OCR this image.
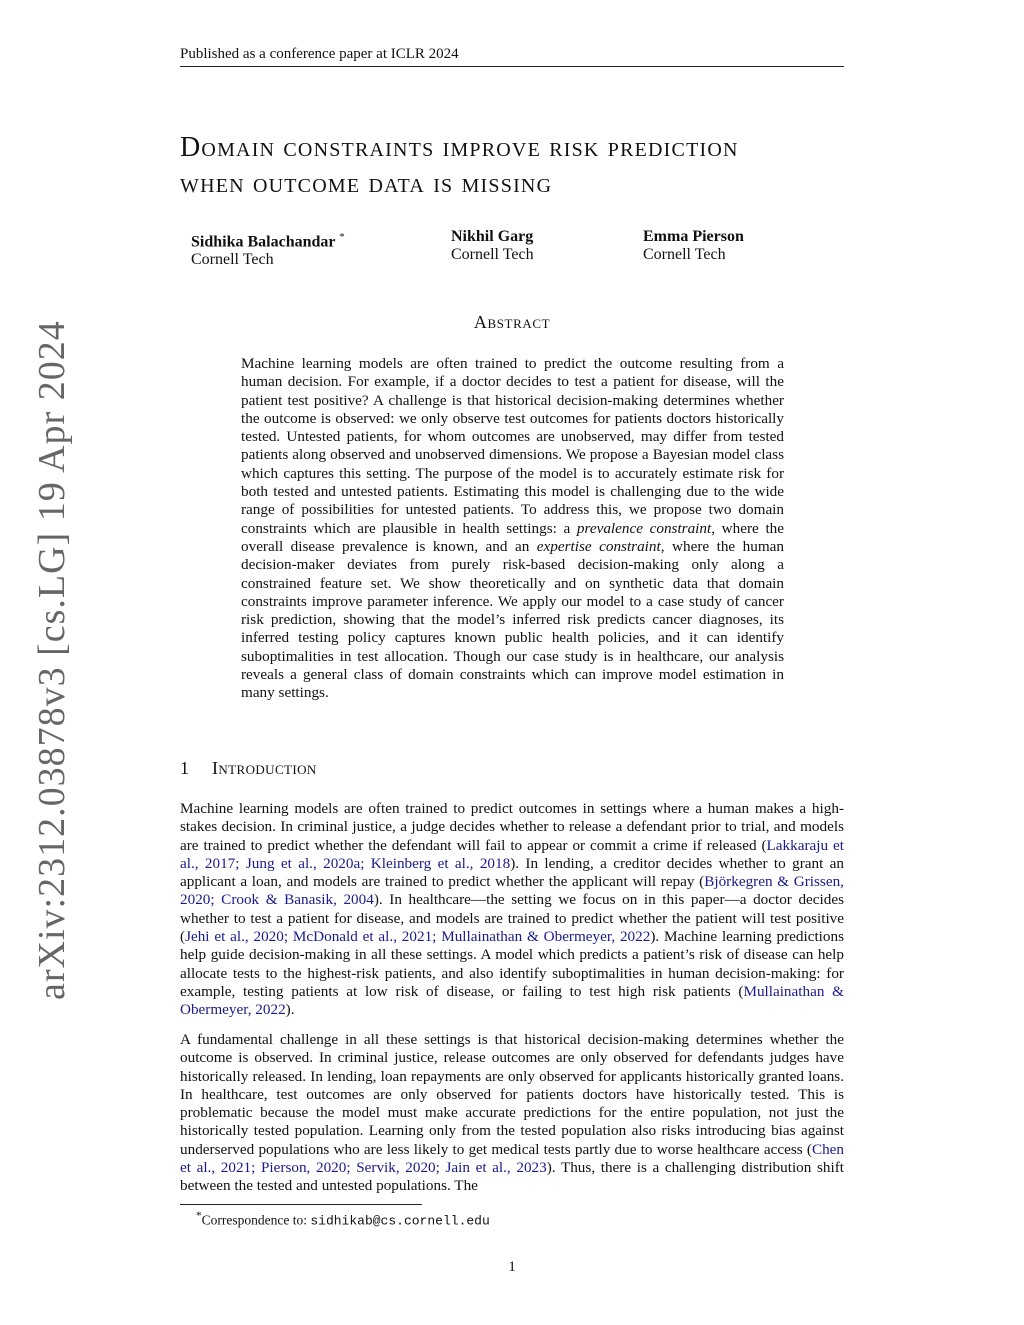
Published as a conference paper at ICLR 2024
arXiv:2312.03878v3 [cs.LG] 19 Apr 2024
Domain constraints improve risk prediction
when outcome data is missing
Sidhika Balachandar *
Cornell Tech
Nikhil Garg
Cornell Tech
Emma Pierson
Cornell Tech
Abstract
Machine learning models are often trained to predict the outcome resulting from a human decision. For example, if a doctor decides to test a patient for disease, will the patient test positive? A challenge is that historical decision-making determines whether the outcome is observed: we only observe test outcomes for patients doctors historically tested. Untested patients, for whom outcomes are unobserved, may differ from tested patients along observed and unobserved dimensions. We propose a Bayesian model class which captures this setting. The purpose of the model is to accurately estimate risk for both tested and untested patients. Estimating this model is challenging due to the wide range of possibilities for untested patients. To address this, we propose two domain constraints which are plausible in health settings: a prevalence constraint, where the overall disease prevalence is known, and an expertise constraint, where the human decision-maker deviates from purely risk-based decision-making only along a constrained feature set. We show theoretically and on synthetic data that domain constraints improve parameter inference. We apply our model to a case study of cancer risk prediction, showing that the model’s inferred risk predicts cancer diagnoses, its inferred testing policy captures known public health policies, and it can identify suboptimalities in test allocation. Though our case study is in healthcare, our analysis reveals a general class of domain constraints which can improve model estimation in many settings.
1 Introduction

Machine learning models are often trained to predict outcomes in settings where a human makes a high-stakes decision. In criminal justice, a judge decides whether to release a defendant prior to trial, and models are trained to predict whether the defendant will fail to appear or commit a crime if released (Lakkaraju et al., 2017; Jung et al., 2020a; Kleinberg et al., 2018). In lending, a creditor decides whether to grant an applicant a loan, and models are trained to predict whether the applicant will repay (Björkegren & Grissen, 2020; Crook & Banasik, 2004). In healthcare—the setting we focus on in this paper—a doctor decides whether to test a patient for disease, and models are trained to predict whether the patient will test positive (Jehi et al., 2020; McDonald et al., 2021; Mullainathan & Obermeyer, 2022). Machine learning predictions help guide decision-making in all these settings. A model which predicts a patient’s risk of disease can help allocate tests to the highest-risk patients, and also identify suboptimalities in human decision-making: for example, testing patients at low risk of disease, or failing to test high risk patients (Mullainathan & Obermeyer, 2022).

A fundamental challenge in all these settings is that historical decision-making determines whether the outcome is observed. In criminal justice, release outcomes are only observed for defendants judges have historically released. In lending, loan repayments are only observed for applicants historically granted loans. In healthcare, test outcomes are only observed for patients doctors have historically tested. This is problematic because the model must make accurate predictions for the entire population, not just the historically tested population. Learning only from the tested population also risks introducing bias against underserved populations who are less likely to get medical tests partly due to worse healthcare access (Chen et al., 2021; Pierson, 2020; Servik, 2020; Jain et al., 2023). Thus, there is a challenging distribution shift between the tested and untested populations. The

*Correspondence to: sidhikab@cs.cornell.edu
1
